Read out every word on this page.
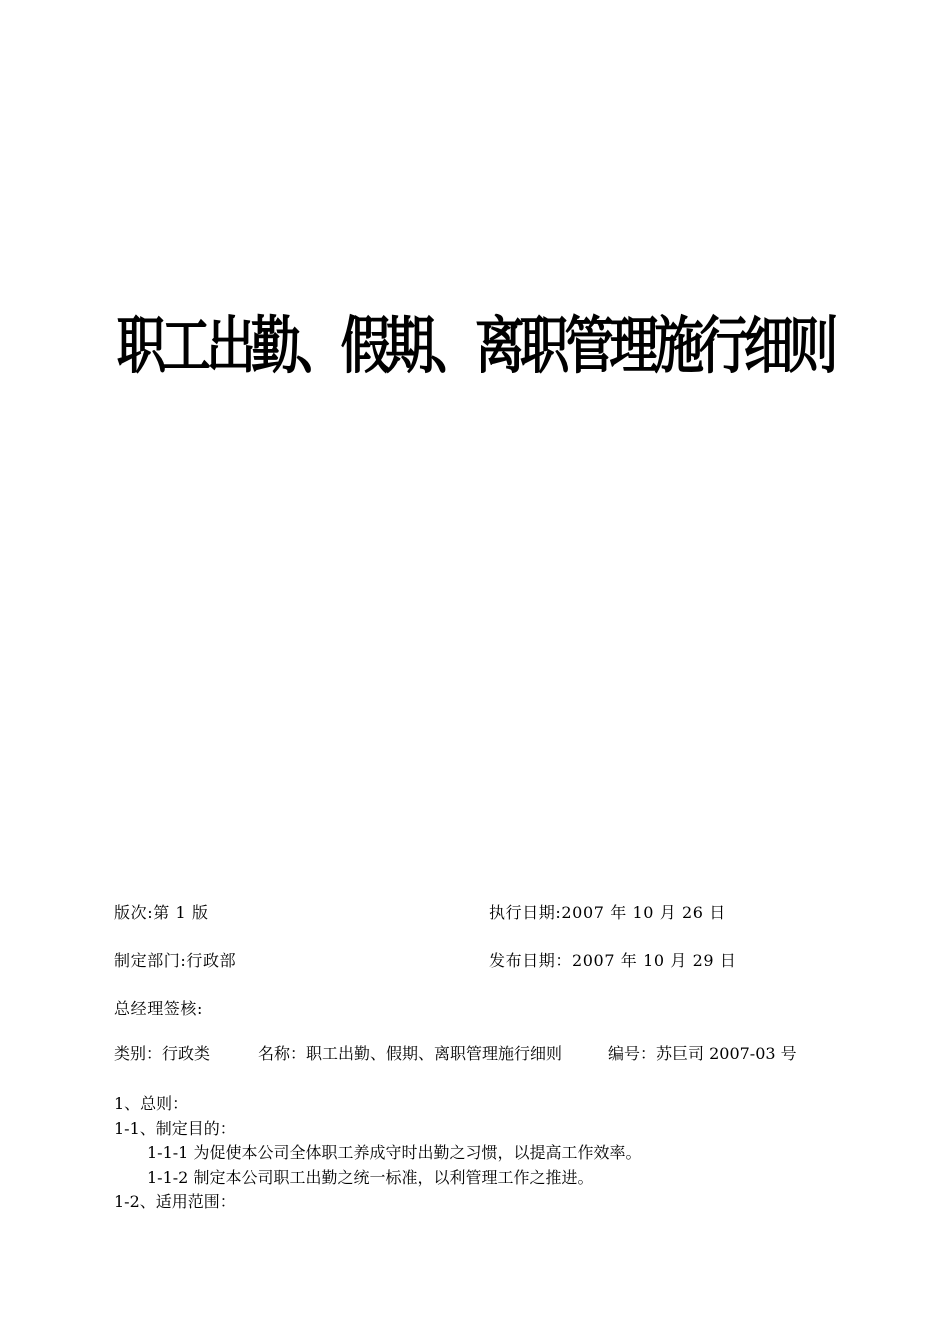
职工出勤、假期、离职管理施行细则
版次:第 1 版	执行日期:2007 年 10 月 26 日
制定部门:行政部	发布日期：2007 年 10 月 29 日
总经理签核:
类别：行政类	名称：职工出勤、假期、离职管理施行细则	编号：苏巨司 2007-03 号
1、总则：
1-1、制定目的：
1-1-1 为促使本公司全体职工养成守时出勤之习惯，以提高工作效率。
1-1-2 制定本公司职工出勤之统一标准，以利管理工作之推进。
1-2、适用范围：
